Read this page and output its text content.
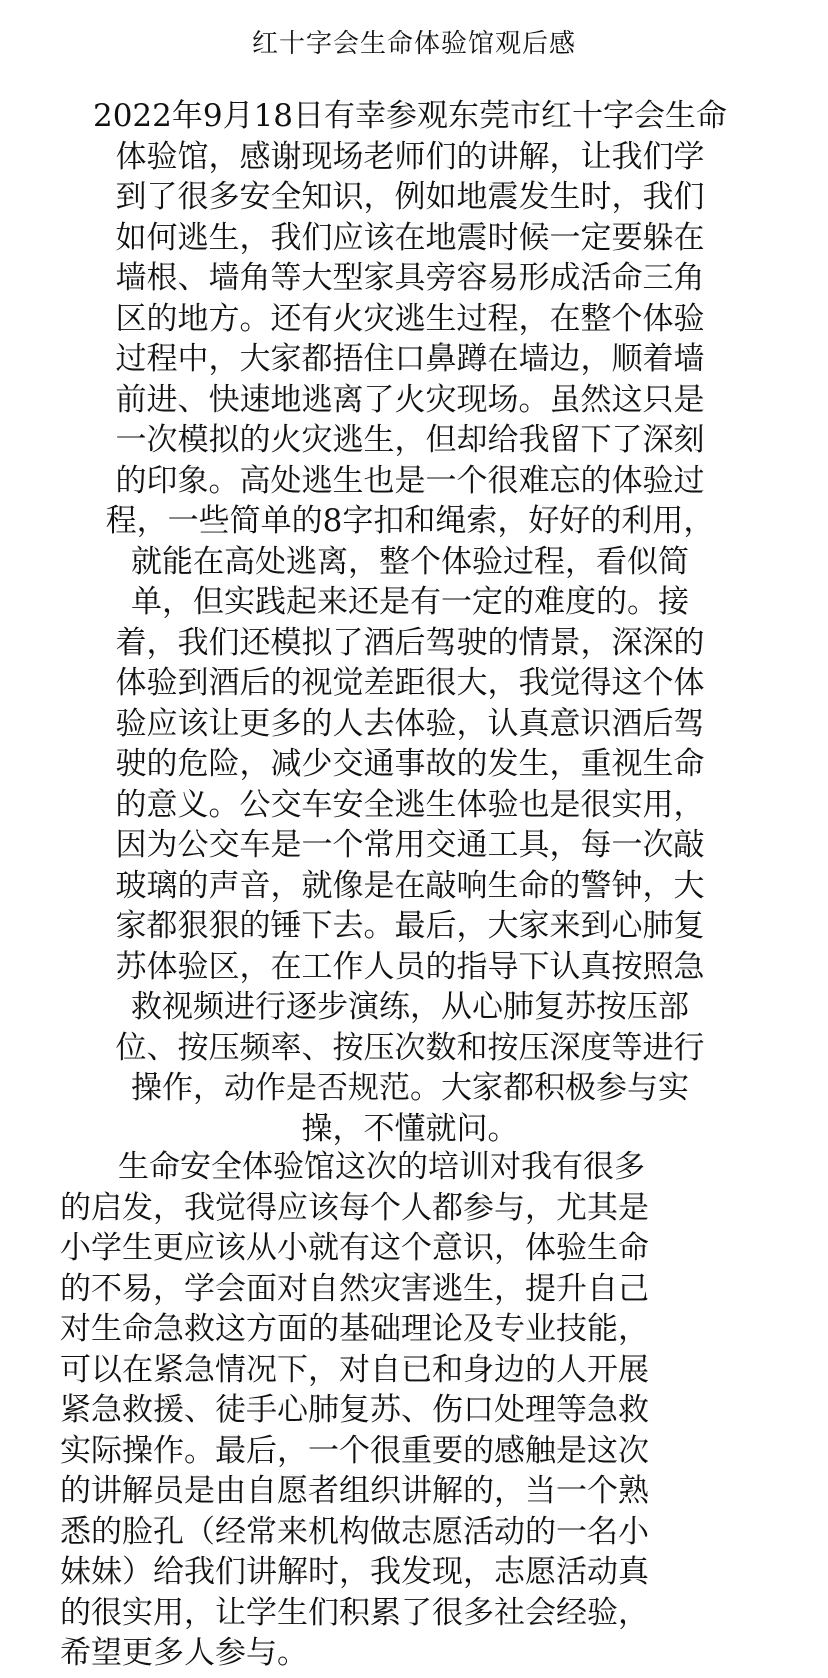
红十字会生命体验馆观后感
2022年9月18日有幸参观东莞市红十字会生命
体验馆，感谢现场老师们的讲解，让我们学
到了很多安全知识，例如地震发生时，我们
如何逃生，我们应该在地震时候一定要躲在
墙根、墙角等大型家具旁容易形成活命三角
区的地方。还有火灾逃生过程，在整个体验
过程中，大家都捂住口鼻蹲在墙边，顺着墙
前进、快速地逃离了火灾现场。虽然这只是
一次模拟的火灾逃生，但却给我留下了深刻
的印象。高处逃生也是一个很难忘的体验过
程，一些简单的8字扣和绳索，好好的利用，
就能在高处逃离，整个体验过程，看似简
单，但实践起来还是有一定的难度的。接
着，我们还模拟了酒后驾驶的情景，深深的
体验到酒后的视觉差距很大，我觉得这个体
验应该让更多的人去体验，认真意识酒后驾
驶的危险，减少交通事故的发生，重视生命
的意义。公交车安全逃生体验也是很实用，
因为公交车是一个常用交通工具，每一次敲
玻璃的声音，就像是在敲响生命的警钟，大
家都狠狠的锤下去。最后，大家来到心肺复
苏体验区，在工作人员的指导下认真按照急
救视频进行逐步演练，从心肺复苏按压部
位、按压频率、按压次数和按压深度等进行
操作，动作是否规范。大家都积极参与实
操，不懂就问。
生命安全体验馆这次的培训对我有很多
的启发，我觉得应该每个人都参与，尤其是
小学生更应该从小就有这个意识，体验生命
的不易，学会面对自然灾害逃生，提升自己
对生命急救这方面的基础理论及专业技能，
可以在紧急情况下，对自已和身边的人开展
紧急救援、徒手心肺复苏、伤口处理等急救
实际操作。最后，一个很重要的感触是这次
的讲解员是由自愿者组织讲解的，当一个熟
悉的脸孔（经常来机构做志愿活动的一名小
妹妹）给我们讲解时，我发现，志愿活动真
的很实用，让学生们积累了很多社会经验，
希望更多人参与。
